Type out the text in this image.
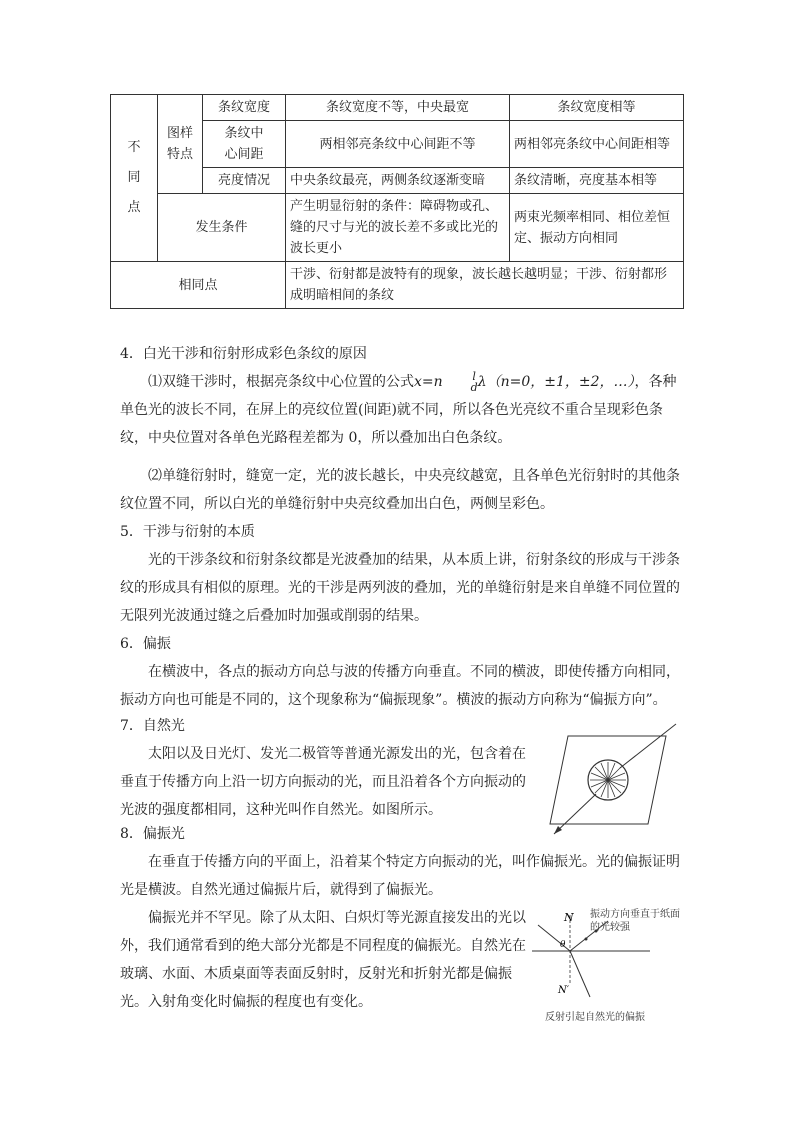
不同点	图样特点	条纹宽度	条纹宽度不等，中央最宽	条纹宽度相等
		条纹中心间距	两相邻亮条纹中心间距不等	两相邻亮条纹中心间距相等
		亮度情况	中央条纹最亮，两侧条纹逐渐变暗	条纹清晰，亮度基本相等
	发生条件		产生明显衍射的条件：障碍物或孔、缝的尺寸与光的波长差不多或比光的波长更小	两束光频率相同、相位差恒定、振动方向相同
相同点			干涉、衍射都是波特有的现象，波长越长越明显；干涉、衍射都形成明暗相间的条纹	

4．白光干涉和衍射形成彩色条纹的原因

⑴双缝干涉时，根据亮条纹中心位置的公式x=n	l
d λ（n=0，±1，±2，…），各种单色光的波长不同，在屏上的亮纹位置(间距)就不同，所以各色光亮纹不重合呈现彩色条纹，中央位置对各单色光路程差都为 0，所以叠加出白色条纹。

⑵单缝衍射时，缝宽一定，光的波长越长，中央亮纹越宽，且各单色光衍射时的其他条纹位置不同，所以白光的单缝衍射中央亮纹叠加出白色，两侧呈彩色。

5．干涉与衍射的本质

光的干涉条纹和衍射条纹都是光波叠加的结果，从本质上讲，衍射条纹的形成与干涉条纹的形成具有相似的原理。光的干涉是两列波的叠加，光的单缝衍射是来自单缝不同位置的无限列光波通过缝之后叠加时加强或削弱的结果。

6．偏振

在横波中，各点的振动方向总与波的传播方向垂直。不同的横波，即使传播方向相同，振动方向也可能是不同的，这个现象称为“偏振现象”。横波的振动方向称为“偏振方向”。

7．自然光

太阳以及日光灯、发光二极管等普通光源发出的光，包含着在垂直于传播方向上沿一切方向振动的光，而且沿着各个方向振动的光波的强度都相同，这种光叫作自然光。如图所示。

8．偏振光

在垂直于传播方向的平面上，沿着某个特定方向振动的光，叫作偏振光。光的偏振证明光是横波。自然光通过偏振片后，就得到了偏振光。

偏振光并不罕见。除了从太阳、白炽灯等光源直接发出的光以外，我们通常看到的绝大部分光都是不同程度的偏振光。自然光在玻璃、水面、木质桌面等表面反射时，反射光和折射光都是偏振光。入射角变化时偏振的程度也有变化。

N
N′
θ
振动方向垂直于纸面的光较强
反射引起自然光的偏振
